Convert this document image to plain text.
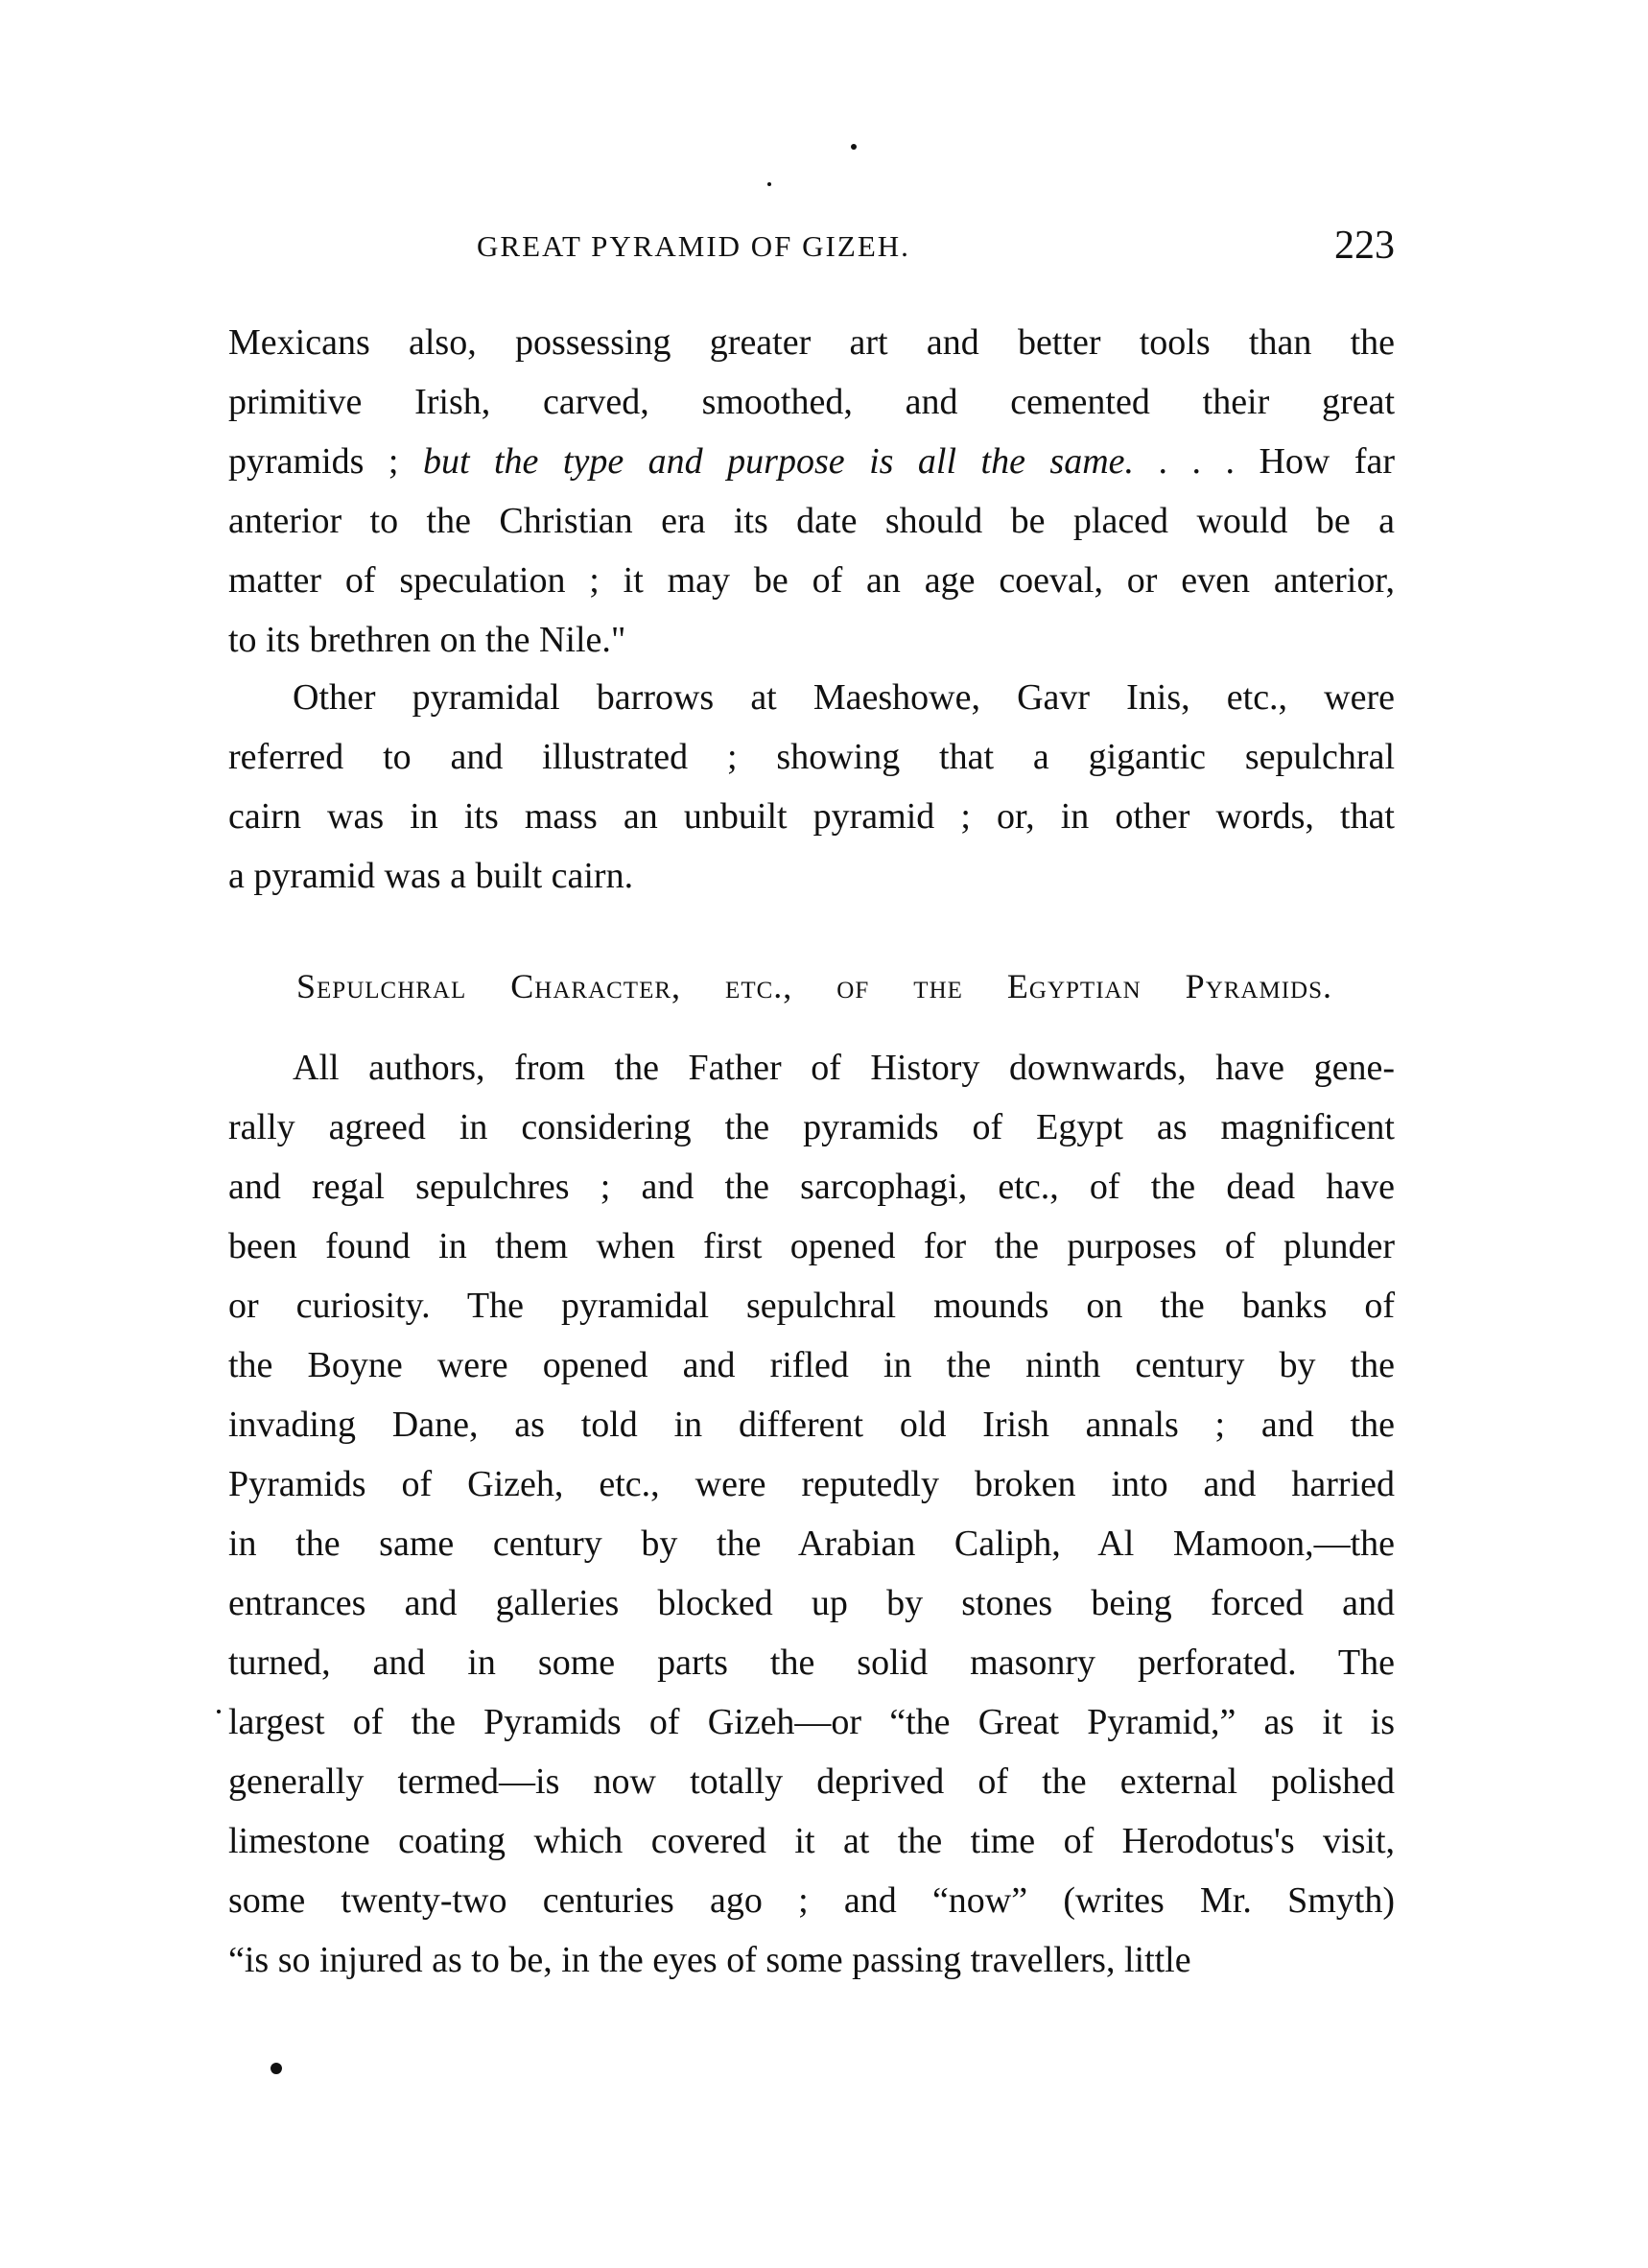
GREAT PYRAMID OF GIZEH.	223
Sepulchral Character, etc., of the Egyptian Pyramids.
Mexicans also, possessing greater art and better tools than the
primitive Irish, carved, smoothed, and cemented their great
pyramids ; but the type and purpose is all the same. . . . How far
anterior to the Christian era its date should be placed would be a
matter of speculation ; it may be of an age coeval, or even anterior,
to its brethren on the Nile."
Other pyramidal barrows at Maeshowe, Gavr Inis, etc., were
referred to and illustrated ; showing that a gigantic sepulchral
cairn was in its mass an unbuilt pyramid ; or, in other words, that
a pyramid was a built cairn.
All authors, from the Father of History downwards, have gene-
rally agreed in considering the pyramids of Egypt as magnificent
and regal sepulchres ; and the sarcophagi, etc., of the dead have
been found in them when first opened for the purposes of plunder
or curiosity. The pyramidal sepulchral mounds on the banks of
the Boyne were opened and rifled in the ninth century by the
invading Dane, as told in different old Irish annals ; and the
Pyramids of Gizeh, etc., were reputedly broken into and harried
in the same century by the Arabian Caliph, Al Mamoon,—the
entrances and galleries blocked up by stones being forced and
turned, and in some parts the solid masonry perforated. The
largest of the Pyramids of Gizeh—or “the Great Pyramid,” as it is
generally termed—is now totally deprived of the external polished
limestone coating which covered it at the time of Herodotus's visit,
some twenty-two centuries ago ; and “now” (writes Mr. Smyth)
“is so injured as to be, in the eyes of some passing travellers, little
